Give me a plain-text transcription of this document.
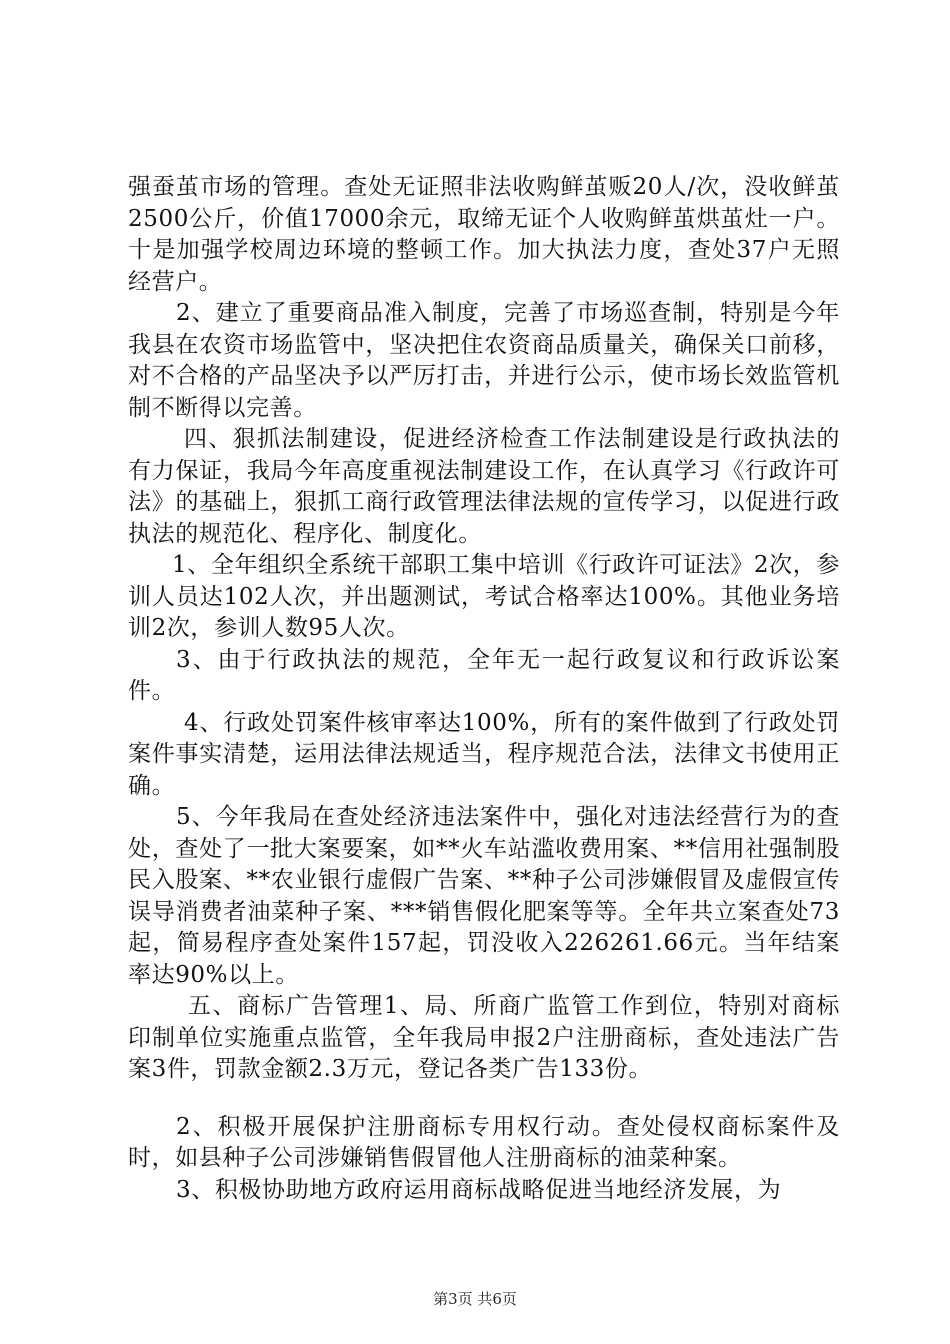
强蚕茧市场的管理。查处无证照非法收购鲜茧贩20人/次，没收鲜茧2500公斤，价值17000余元，取缔无证个人收购鲜茧烘茧灶一户。十是加强学校周边环境的整顿工作。加大执法力度，查处37户无照经营户。

2、建立了重要商品准入制度，完善了市场巡查制，特别是今年我县在农资市场监管中，坚决把住农资商品质量关，确保关口前移，对不合格的产品坚决予以严厉打击，并进行公示，使市场长效监管机制不断得以完善。

四、狠抓法制建设，促进经济检查工作法制建设是行政执法的有力保证，我局今年高度重视法制建设工作，在认真学习《行政许可法》的基础上，狠抓工商行政管理法律法规的宣传学习，以促进行政执法的规范化、程序化、制度化。

1、全年组织全系统干部职工集中培训《行政许可证法》2次，参训人员达102人次，并出题测试，考试合格率达100%。其他业务培训2次，参训人数95人次。

3、由于行政执法的规范，全年无一起行政复议和行政诉讼案件。

4、行政处罚案件核审率达100%，所有的案件做到了行政处罚案件事实清楚，运用法律法规适当，程序规范合法，法律文书使用正确。

5、今年我局在查处经济违法案件中，强化对违法经营行为的查处，查处了一批大案要案，如**火车站滥收费用案、**信用社强制股民入股案、**农业银行虚假广告案、**种子公司涉嫌假冒及虚假宣传误导消费者油菜种子案、***销售假化肥案等等。全年共立案查处73起，简易程序查处案件157起，罚没收入226261.66元。当年结案率达90%以上。

五、商标广告管理1、局、所商广监管工作到位，特别对商标印制单位实施重点监管，全年我局申报2户注册商标，查处违法广告案3件，罚款金额2.3万元，登记各类广告133份。

2、积极开展保护注册商标专用权行动。查处侵权商标案件及时，如县种子公司涉嫌销售假冒他人注册商标的油菜种案。

3、积极协助地方政府运用商标战略促进当地经济发展，为

第3页 共6页
